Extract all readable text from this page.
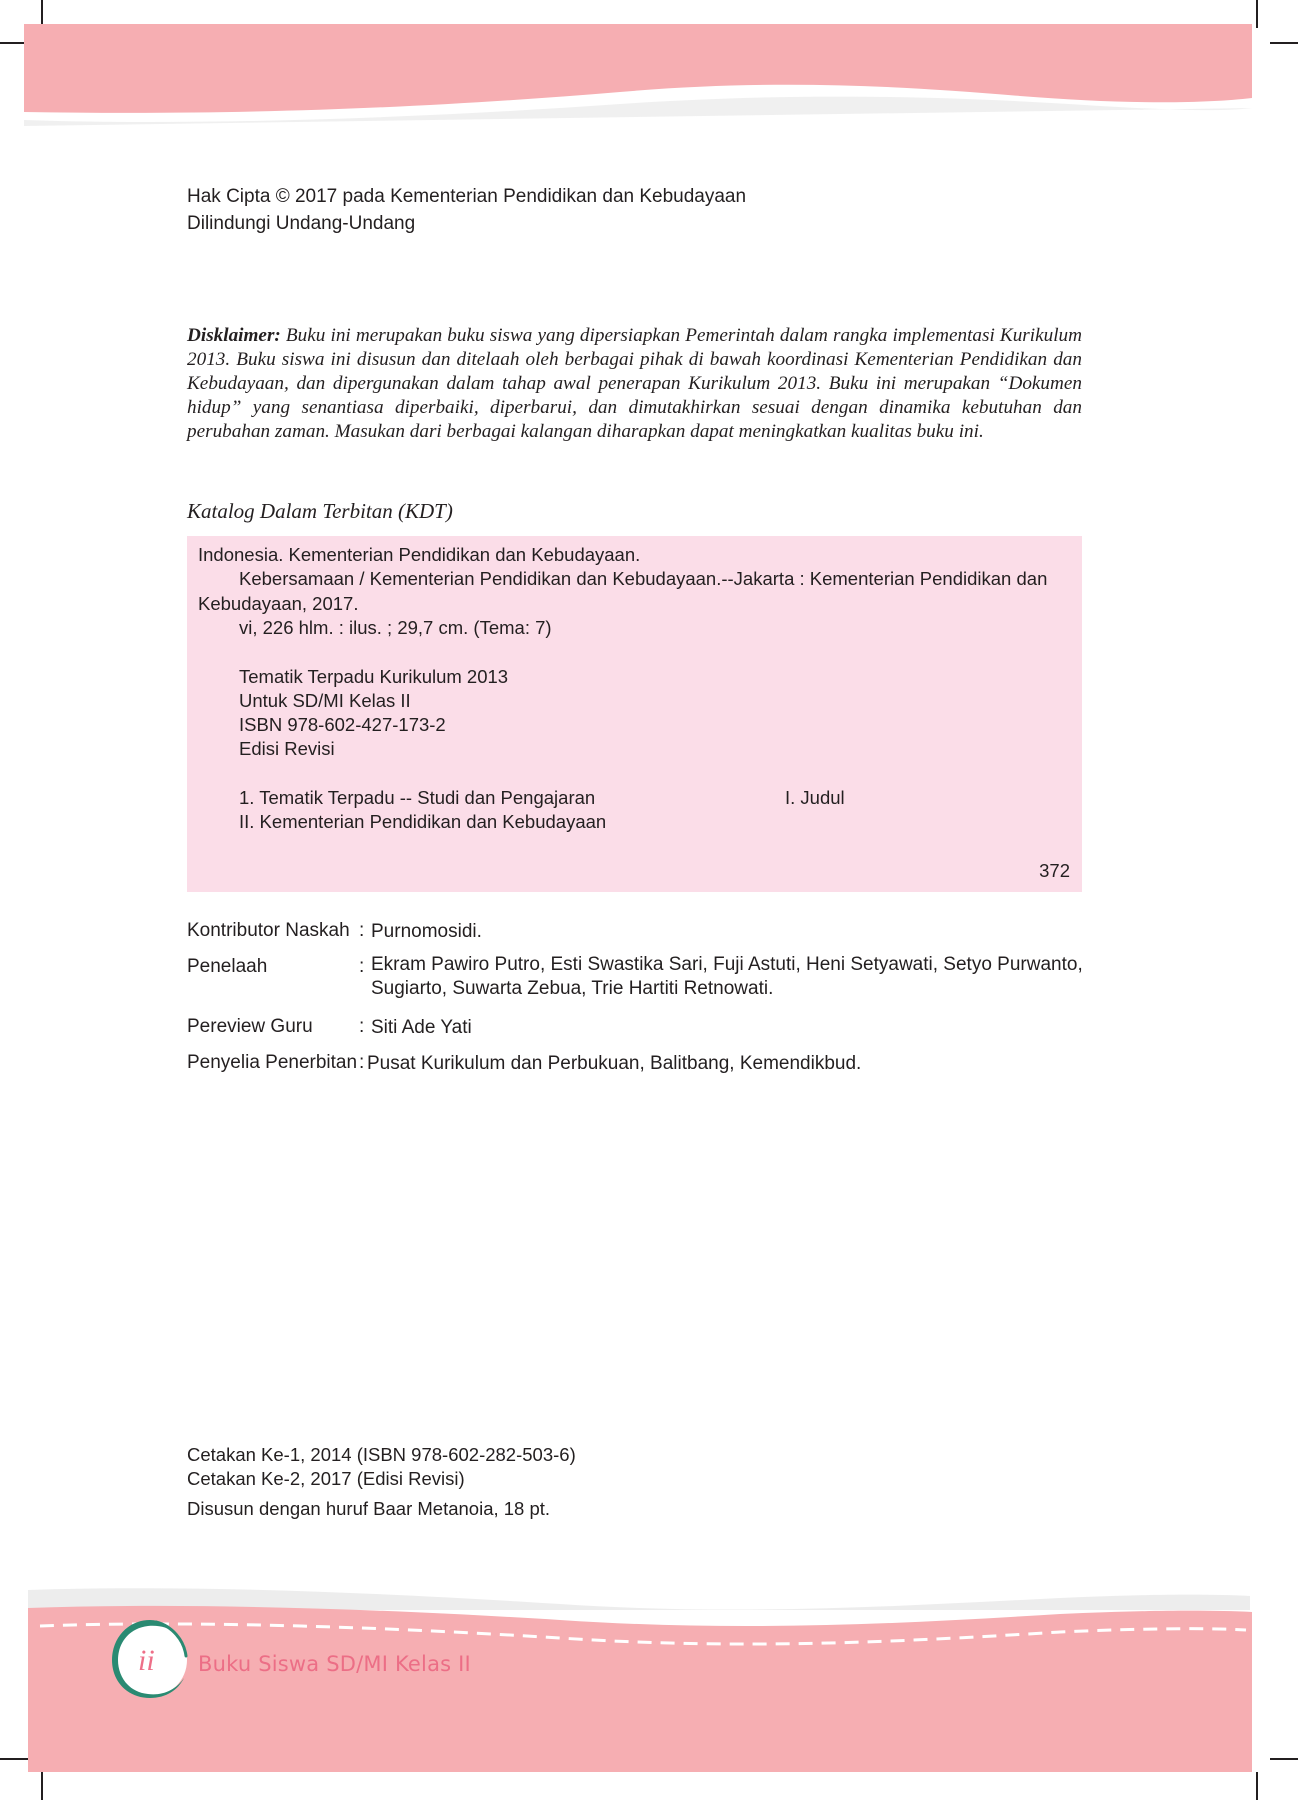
Hak Cipta © 2017 pada Kementerian Pendidikan dan Kebudayaan
Dilindungi Undang-Undang
Disklaimer: Buku ini merupakan buku siswa yang dipersiapkan Pemerintah dalam rangka implementasi Kurikulum 2013. Buku siswa ini disusun dan ditelaah oleh berbagai pihak di bawah koordinasi Kementerian Pendidikan dan Kebudayaan, dan dipergunakan dalam tahap awal penerapan Kurikulum 2013. Buku ini merupakan “Dokumen hidup” yang senantiasa diperbaiki, diperbarui, dan dimutakhirkan sesuai dengan dinamika kebutuhan dan perubahan zaman. Masukan dari berbagai kalangan diharapkan dapat meningkatkan kualitas buku ini.
Katalog Dalam Terbitan (KDT)
Indonesia. Kementerian Pendidikan dan Kebudayaan.
Kebersamaan / Kementerian Pendidikan dan Kebudayaan.--Jakarta : Kementerian Pendidikan dan
Kebudayaan, 2017.
vi, 226 hlm. : ilus. ; 29,7 cm. (Tema: 7)
Tematik Terpadu Kurikulum 2013
Untuk SD/MI Kelas II
ISBN 978-602-427-173-2
Edisi Revisi
1. Tematik Terpadu -- Studi dan Pengajaran	I. Judul
II. Kementerian Pendidikan dan Kebudayaan
372
Kontributor Naskah : Purnomosidi.
Penelaah	: Ekram Pawiro Putro, Esti Swastika Sari, Fuji Astuti, Heni Setyawati, Setyo Purwanto,
Sugiarto, Suwarta Zebua, Trie Hartiti Retnowati.
Pereview Guru : Siti Ade Yati
Penyelia Penerbitan : Pusat Kurikulum dan Perbukuan, Balitbang, Kemendikbud.
Cetakan Ke-1, 2014 (ISBN 978-602-282-503-6)
Cetakan Ke-2, 2017 (Edisi Revisi)
Disusun dengan huruf Baar Metanoia, 18 pt.
ii Buku Siswa SD/MI Kelas II
